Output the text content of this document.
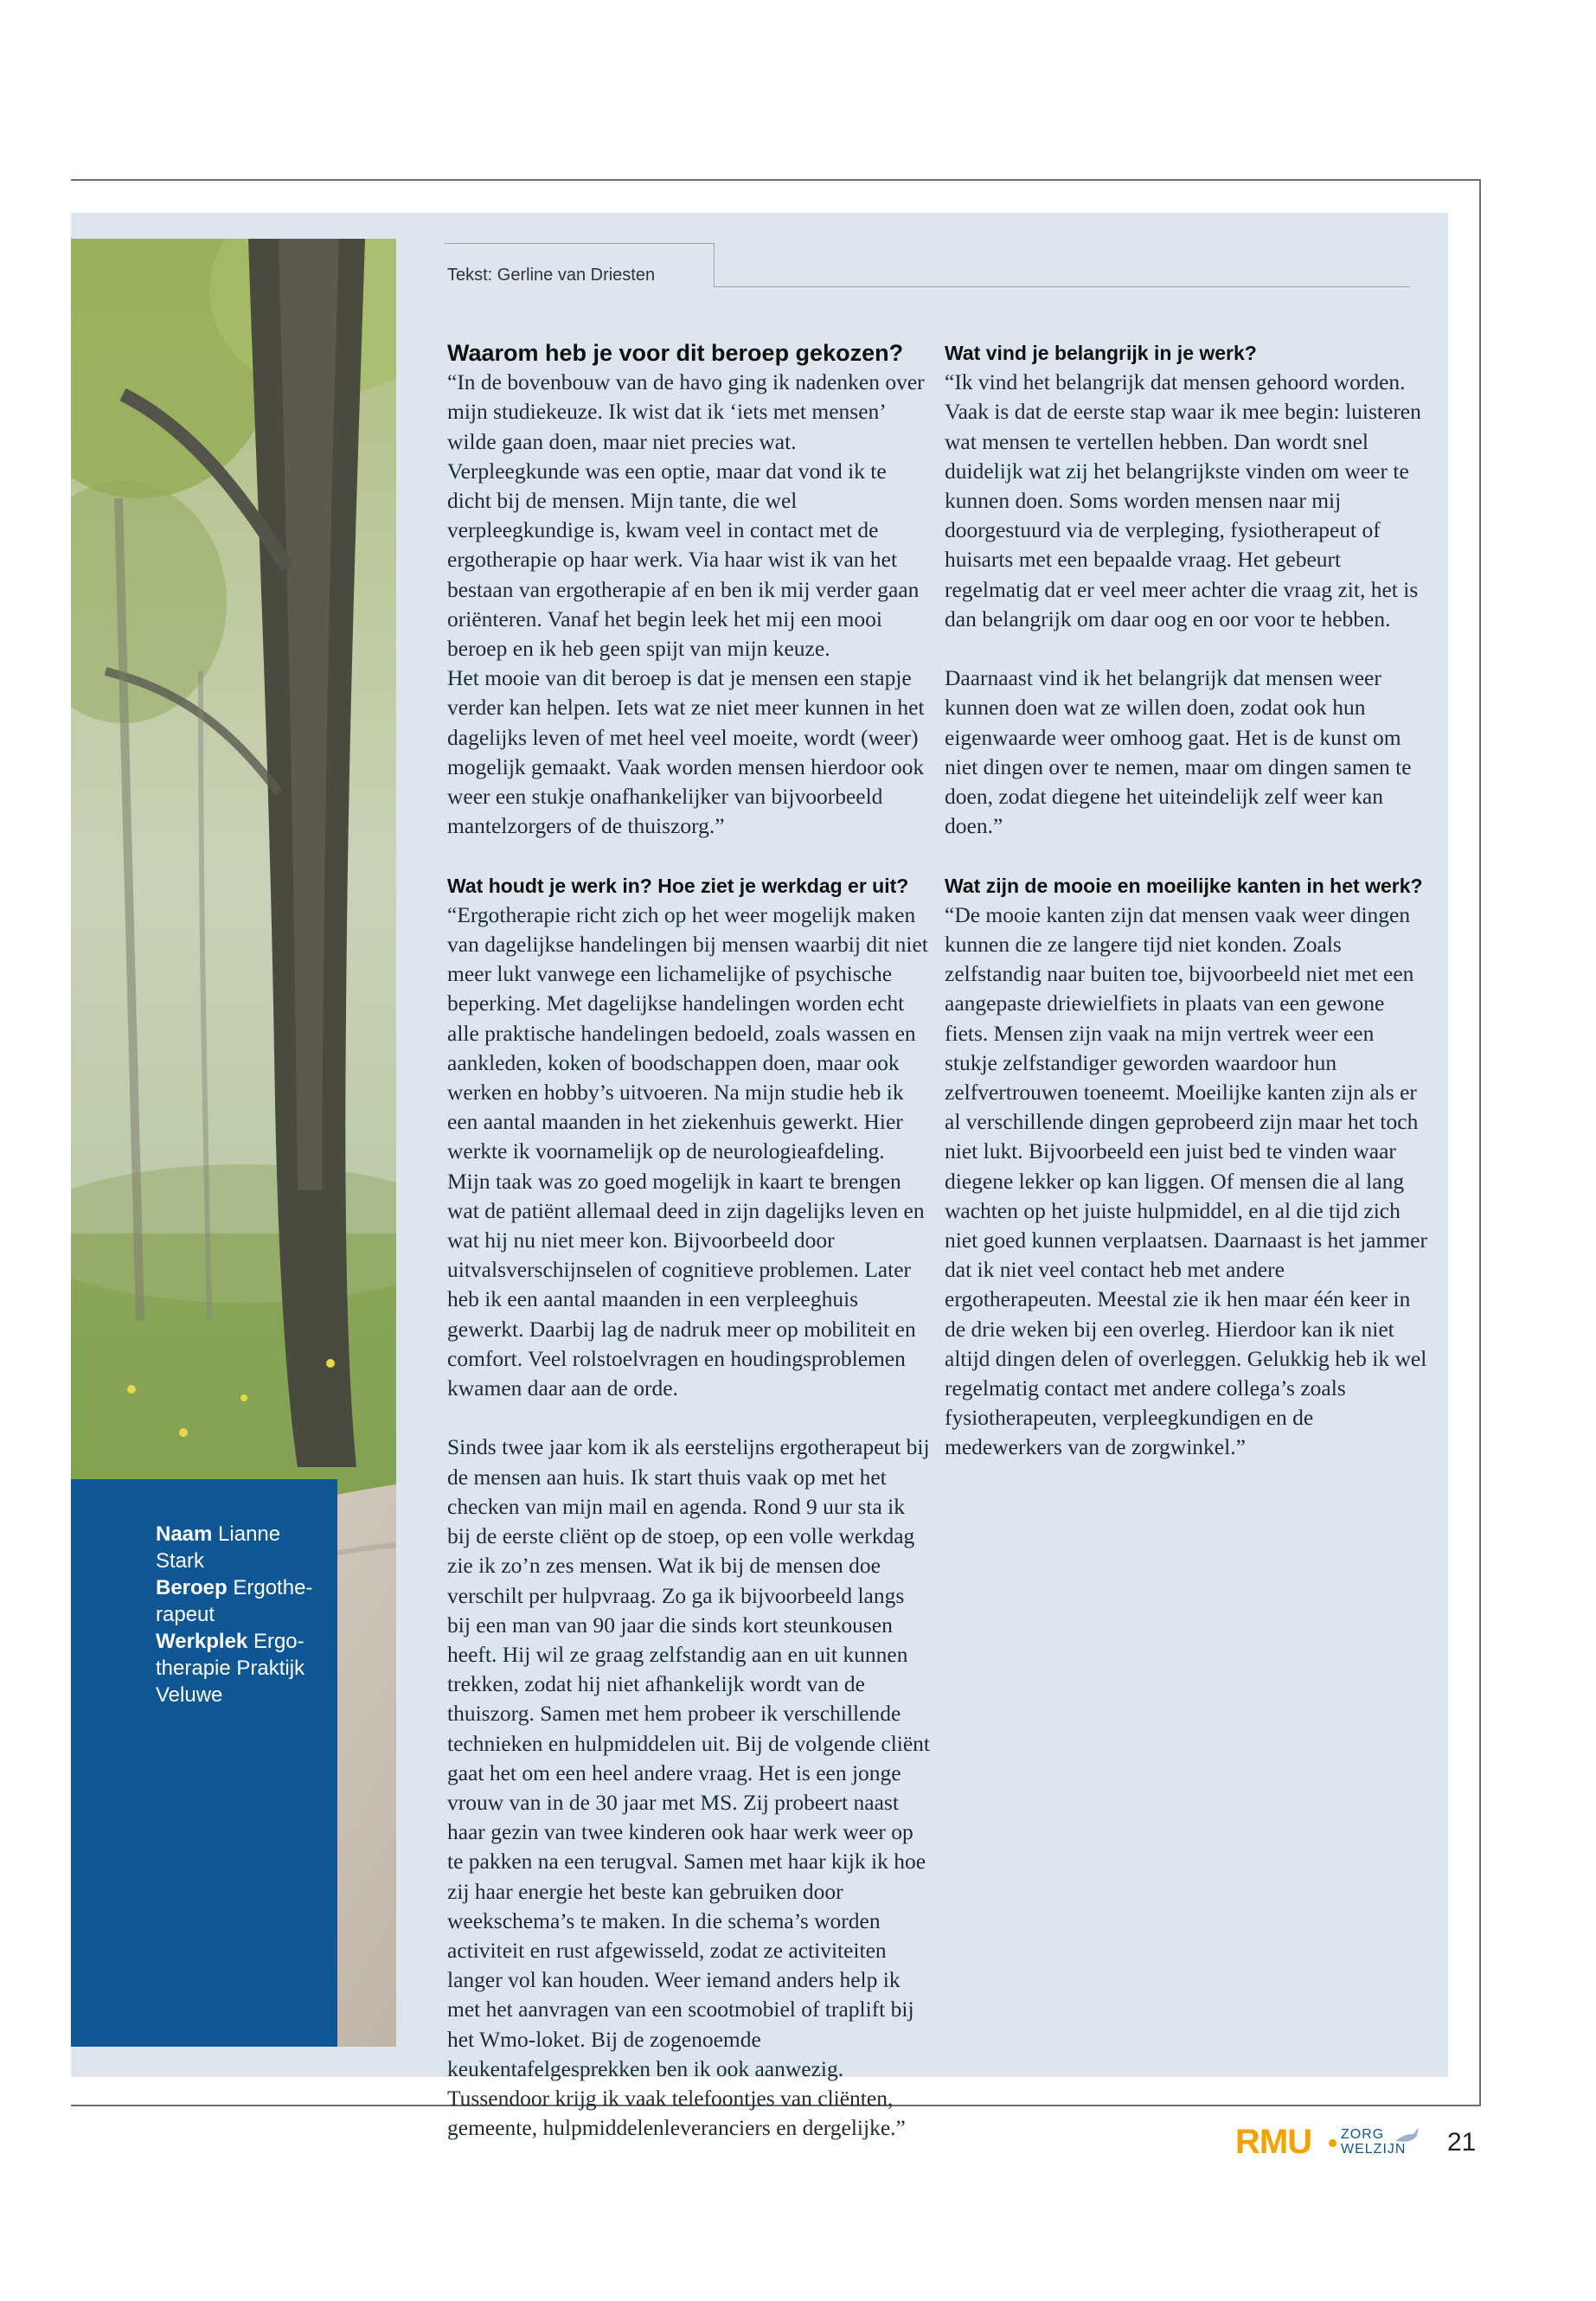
Naam Lianne Stark
Beroep Ergotherapeut
Werkplek Ergotherapie Praktijk Veluwe
Tekst: Gerline van Driesten
Waarom heb je voor dit beroep gekozen?

“In de bovenbouw van de havo ging ik nadenken over mijn studiekeuze. Ik wist dat ik ‘iets met mensen’ wilde gaan doen, maar niet precies wat. Verpleegkunde was een optie, maar dat vond ik te dicht bij de mensen. Mijn tante, die wel verpleegkundige is, kwam veel in contact met de ergotherapie op haar werk. Via haar wist ik van het bestaan van ergotherapie af en ben ik mij verder gaan oriënteren. Vanaf het begin leek het mij een mooi beroep en ik heb geen spijt van mijn keuze.

Het mooie van dit beroep is dat je mensen een stapje verder kan helpen. Iets wat ze niet meer kunnen in het dagelijks leven of met heel veel moeite, wordt (weer) mogelijk gemaakt. Vaak worden mensen hierdoor ook weer een stukje onafhankelijker van bijvoorbeeld mantelzorgers of de thuiszorg.”

Wat houdt je werk in? Hoe ziet je werkdag er uit?

“Ergotherapie richt zich op het weer mogelijk maken van dagelijkse handelingen bij mensen waarbij dit niet meer lukt vanwege een lichamelijke of psychische beperking. Met dagelijkse handelingen worden echt alle praktische handelingen bedoeld, zoals wassen en aankleden, koken of boodschappen doen, maar ook werken en hobby’s uitvoeren. Na mijn studie heb ik een aantal maanden in het ziekenhuis gewerkt. Hier werkte ik voornamelijk op de neurologieafdeling. Mijn taak was zo goed mogelijk in kaart te brengen wat de patiënt allemaal deed in zijn dagelijks leven en wat hij nu niet meer kon. Bijvoorbeeld door uitvalsverschijnselen of cognitieve problemen. Later heb ik een aantal maanden in een verpleeghuis gewerkt. Daarbij lag de nadruk meer op mobiliteit en comfort. Veel rolstoelvragen en houdingsproblemen kwamen daar aan de orde.

Sinds twee jaar kom ik als eerstelijns ergotherapeut bij de mensen aan huis. Ik start thuis vaak op met het checken van mijn mail en agenda. Rond 9 uur sta ik bij de eerste cliënt op de stoep, op een volle werkdag zie ik zo’n zes mensen. Wat ik bij de mensen doe verschilt per hulpvraag. Zo ga ik bijvoorbeeld langs bij een man van 90 jaar die sinds kort steunkousen heeft. Hij wil ze graag zelfstandig aan en uit kunnen trekken, zodat hij niet afhankelijk wordt van de thuiszorg. Samen met hem probeer ik verschillende technieken en hulpmiddelen uit. Bij de volgende cliënt gaat het om een heel andere vraag. Het is een jonge vrouw van in de 30 jaar met MS. Zij probeert naast haar gezin van twee kinderen ook haar werk weer op te pakken na een terugval. Samen met haar kijk ik hoe zij haar energie het beste kan gebruiken door weekschema’s te maken. In die schema’s worden activiteit en rust afgewisseld, zodat ze activiteiten langer vol kan houden. Weer iemand anders help ik met het aanvragen van een scootmobiel of traplift bij het Wmo-loket. Bij de zogenoemde keukentafelgesprekken ben ik ook aanwezig. Tussendoor krijg ik vaak telefoontjes van cliënten, gemeente, hulpmiddelenleveranciers en dergelijke.”

Wat vind je belangrijk in je werk?

“Ik vind het belangrijk dat mensen gehoord worden. Vaak is dat de eerste stap waar ik mee begin: luisteren wat mensen te vertellen hebben. Dan wordt snel duidelijk wat zij het belangrijkste vinden om weer te kunnen doen. Soms worden mensen naar mij doorgestuurd via de verpleging, fysiotherapeut of huisarts met een bepaalde vraag. Het gebeurt regelmatig dat er veel meer achter die vraag zit, het is dan belangrijk om daar oog en oor voor te hebben.

Daarnaast vind ik het belangrijk dat mensen weer kunnen doen wat ze willen doen, zodat ook hun eigenwaarde weer omhoog gaat. Het is de kunst om niet dingen over te nemen, maar om dingen samen te doen, zodat diegene het uiteindelijk zelf weer kan doen.”

Wat zijn de mooie en moeilijke kanten in het werk?

“De mooie kanten zijn dat mensen vaak weer dingen kunnen die ze langere tijd niet konden. Zoals zelfstandig naar buiten toe, bijvoorbeeld niet met een aangepaste driewielfiets in plaats van een gewone fiets. Mensen zijn vaak na mijn vertrek weer een stukje zelfstandiger geworden waardoor hun zelfvertrouwen toeneemt. Moeilijke kanten zijn als er al verschillende dingen geprobeerd zijn maar het toch niet lukt. Bijvoorbeeld een juist bed te vinden waar diegene lekker op kan liggen. Of mensen die al lang wachten op het juiste hulpmiddel, en al die tijd zich niet goed kunnen verplaatsen. Daarnaast is het jammer dat ik niet veel contact heb met andere ergotherapeuten. Meestal zie ik hen maar één keer in de drie weken bij een overleg. Hierdoor kan ik niet altijd dingen delen of overleggen. Gelukkig heb ik wel regelmatig contact met andere collega’s zoals fysiotherapeuten, verpleegkundigen en de medewerkers van de zorgwinkel.”

RMU ZORG
WELZIJN 21
